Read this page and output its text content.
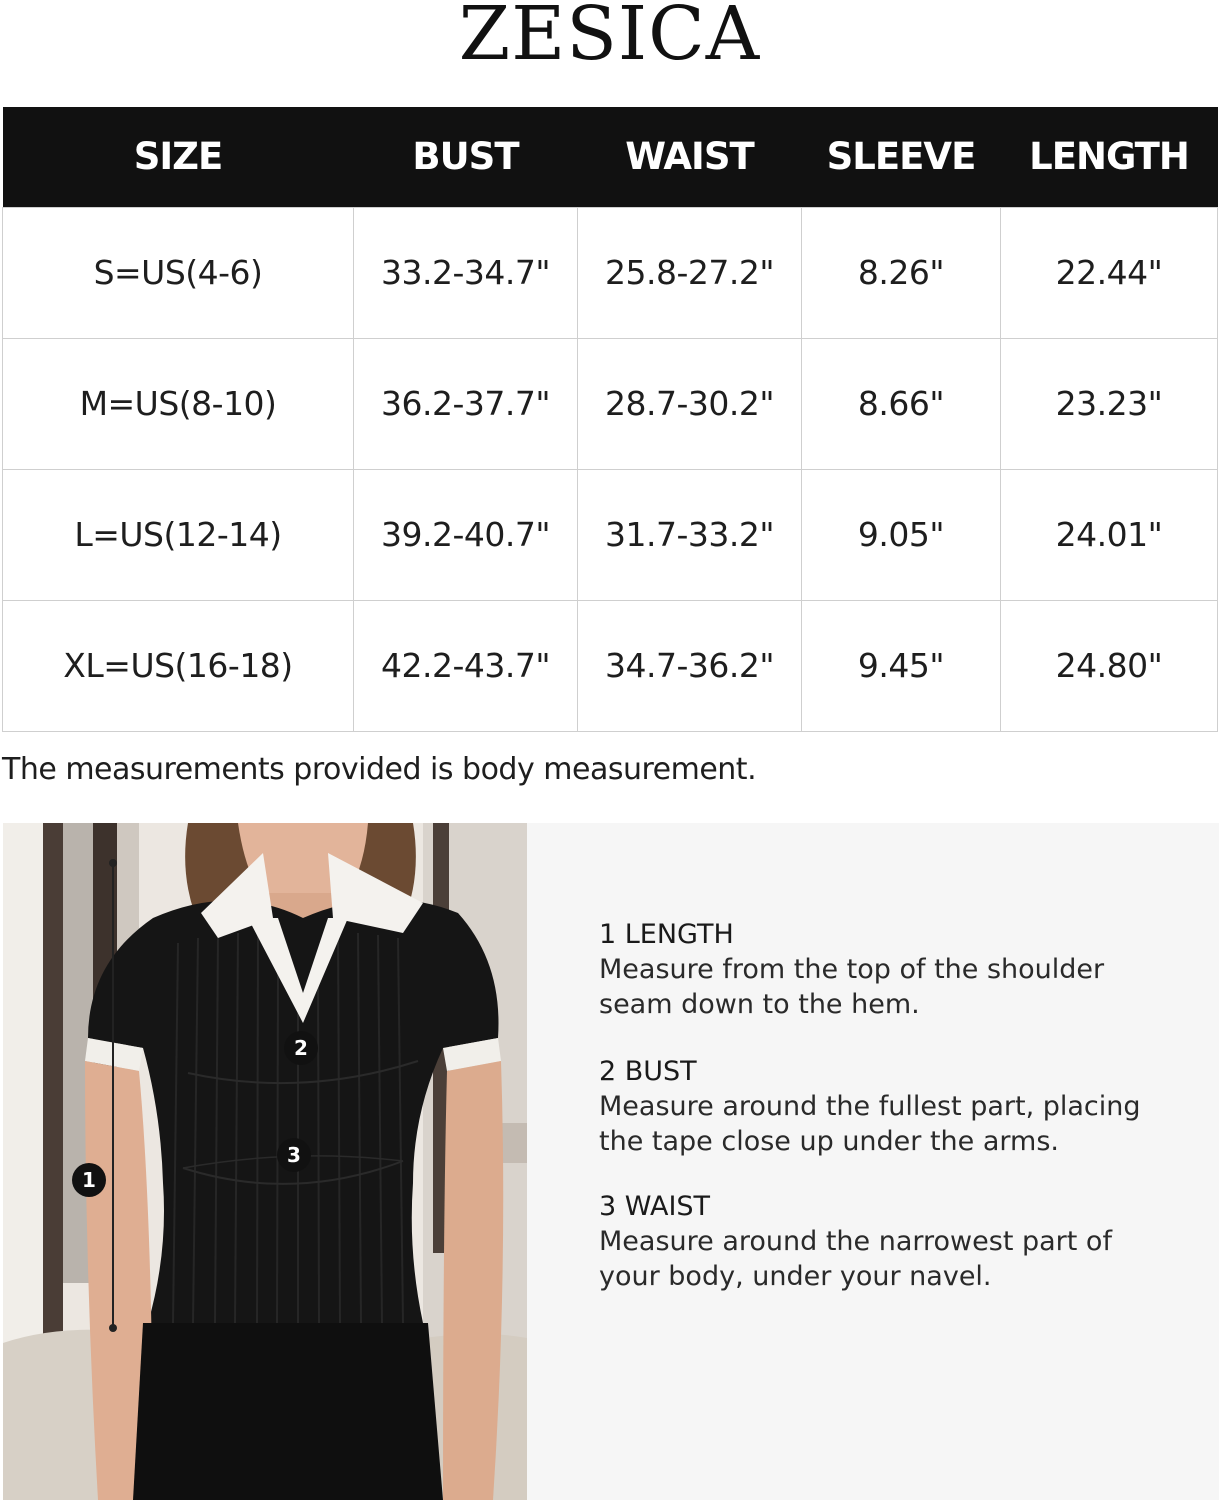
ZESICA
SIZE	BUST	WAIST	SLEEVE	LENGTH
S=US(4-6)	33.2-34.7"	25.8-27.2"	8.26"	22.44"
M=US(8-10)	36.2-37.7"	28.7-30.2"	8.66"	23.23"
L=US(12-14)	39.2-40.7"	31.7-33.2"	9.05"	24.01"
XL=US(16-18)	42.2-43.7"	34.7-36.2"	9.45"	24.80"
The measurements provided is body measurement.
1
2
3
1 LENGTH
Measure from the top of the shoulder
seam down to the hem.
2 BUST
Measure around the fullest part, placing
the tape close up under the arms.
3 WAIST
Measure around the narrowest part of
your body, under your navel.
